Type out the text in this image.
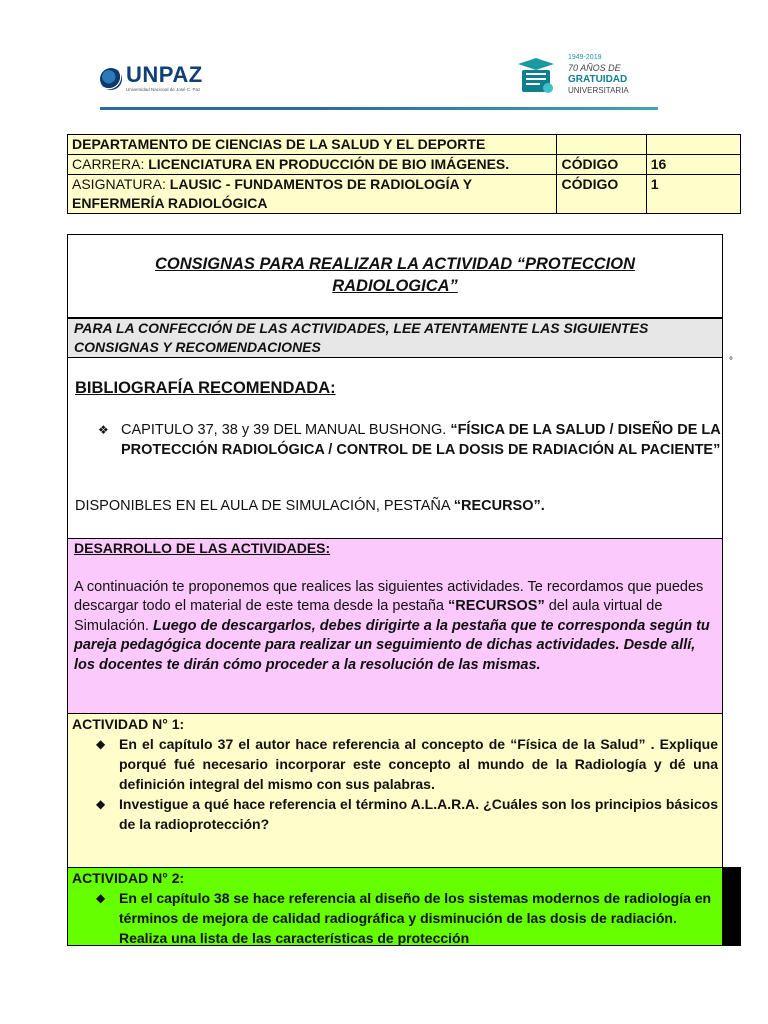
UNPAZ
Universidad Nacional de José C. Paz
1949-2019
70 AÑOS DE
GRATUIDAD
UNIVERSITARIA
DEPARTAMENTO DE CIENCIAS DE LA SALUD Y EL DEPORTE		
CARRERA: LICENCIATURA EN PRODUCCIÓN DE BIO IMÁGENES.	CÓDIGO	16
ASIGNATURA: LAUSIC - FUNDAMENTOS DE RADIOLOGÍA Y ENFERMERÍA RADIOLÓGICA	CÓDIGO	1
CONSIGNAS PARA REALIZAR LA ACTIVIDAD “PROTECCION RADIOLOGICA”
PARA LA CONFECCIÓN DE LAS ACTIVIDADES, LEE ATENTAMENTE LAS SIGUIENTES CONSIGNAS Y RECOMENDACIONES
°
BIBLIOGRAFÍA RECOMENDADA:
❖ CAPITULO 37, 38 y 39 DEL MANUAL BUSHONG. “FÍSICA DE LA SALUD / DISEÑO DE LA PROTECCIÓN RADIOLÓGICA / CONTROL DE LA DOSIS DE RADIACIÓN AL PACIENTE”
DISPONIBLES EN EL AULA DE SIMULACIÓN, PESTAÑA “RECURSO”.
DESARROLLO DE LAS ACTIVIDADES:
A continuación te proponemos que realices las siguientes actividades. Te recordamos que puedes descargar todo el material de este tema desde la pestaña “RECURSOS” del aula virtual de Simulación. Luego de descargarlos, debes dirigirte a la pestaña que te corresponda según tu pareja pedagógica docente para realizar un seguimiento de dichas actividades. Desde allí, los docentes te dirán cómo proceder a la resolución de las mismas.
ACTIVIDAD N° 1:
◆ En el capítulo 37 el autor hace referencia al concepto de “Física de la Salud” . Explique porqué fué necesario incorporar este concepto al mundo de la Radiología y dé una definición integral del mismo con sus palabras.
◆ Investigue a qué hace referencia el término A.L.A.R.A. ¿Cuáles son los principios básicos de la radioprotección?
ACTIVIDAD N° 2:
◆ En el capítulo 38 se hace referencia al diseño de los sistemas modernos de radiología en términos de mejora de calidad radiográfica y disminución de las dosis de radiación. Realiza una lista de las características de protección
